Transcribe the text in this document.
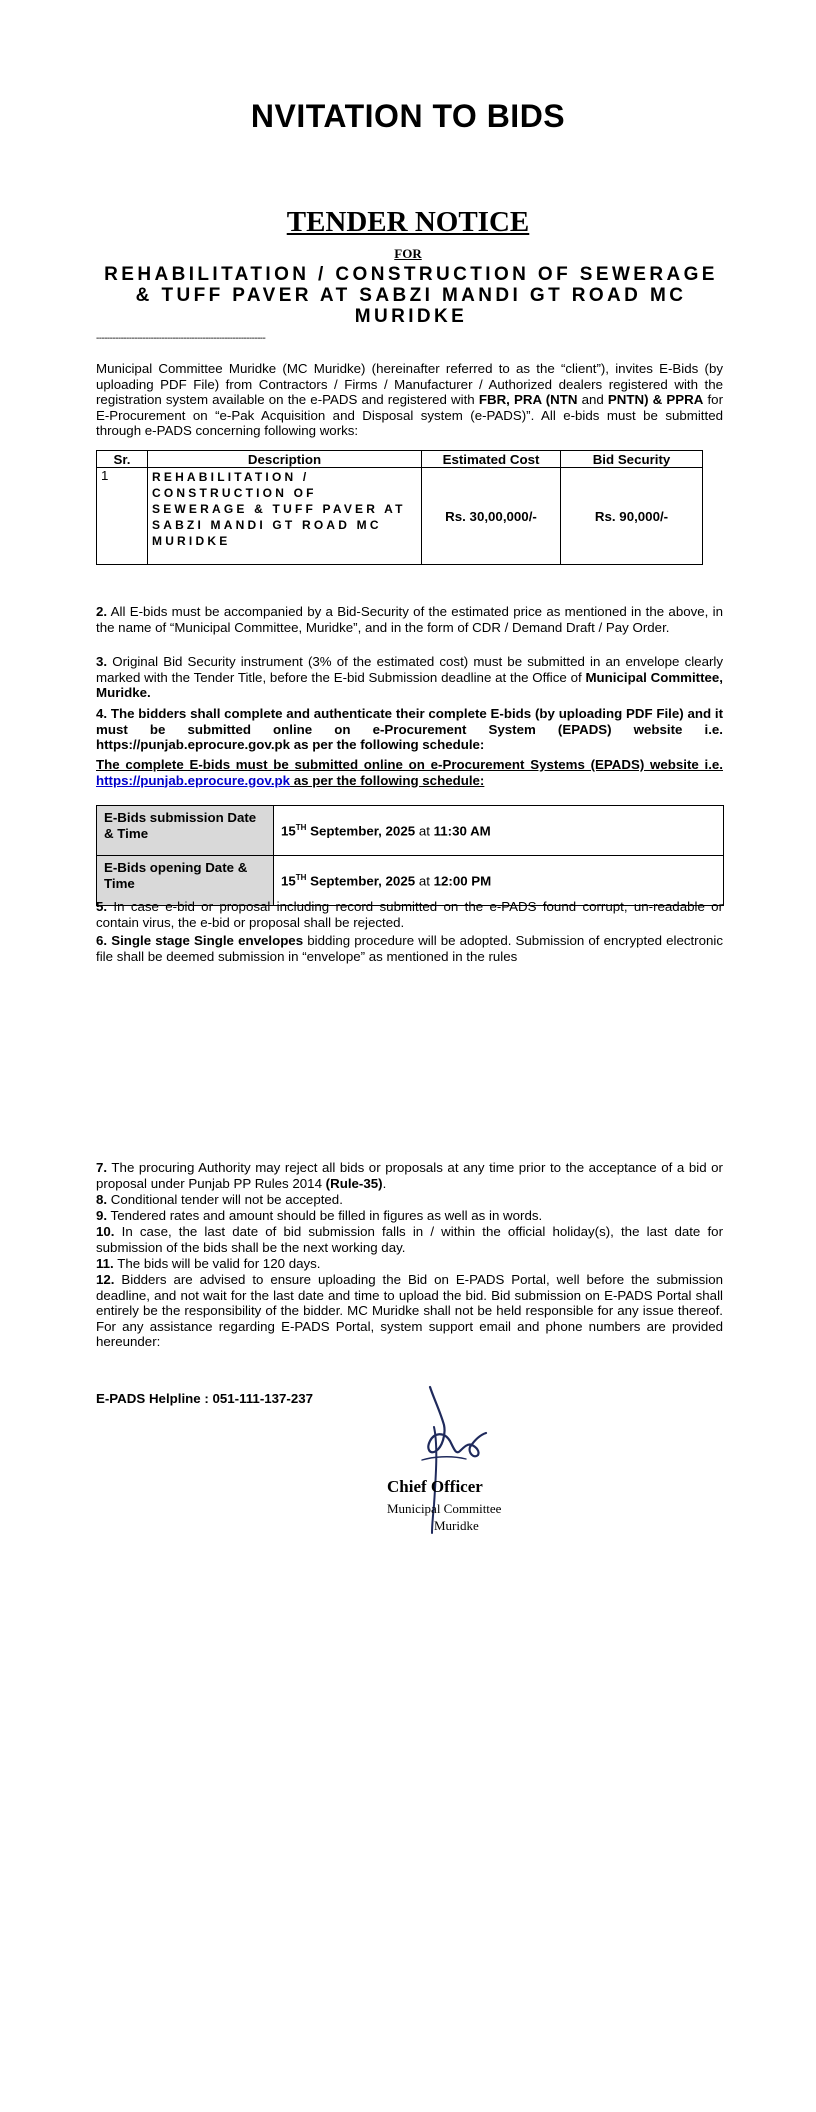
NVITATION TO BIDS
TENDER NOTICE
FOR
REHABILITATION / CONSTRUCTION OF SEWERAGE & TUFF PAVER AT SABZI MANDI GT ROAD MC MURIDKE
--------------------------------------------------------------
Municipal Committee Muridke (MC Muridke) (hereinafter referred to as the “client”), invites E-Bids (by uploading PDF File) from Contractors / Firms / Manufacturer / Authorized dealers registered with the registration system available on the e-PADS and registered with FBR, PRA (NTN and PNTN) & PPRA for E-Procurement on “e-Pak Acquisition and Disposal system (e-PADS)”. All e-bids must be submitted through e-PADS concerning following works:
Sr.	Description	Estimated Cost	Bid Security
1	REHABILITATION / CONSTRUCTION OF SEWERAGE & TUFF PAVER AT SABZI MANDI GT ROAD MC MURIDKE	Rs. 30,00,000/-	Rs. 90,000/-
2. All E-bids must be accompanied by a Bid-Security of the estimated price as mentioned in the above, in the name of “Municipal Committee, Muridke”, and in the form of CDR / Demand Draft / Pay Order.
3. Original Bid Security instrument (3% of the estimated cost) must be submitted in an envelope clearly marked with the Tender Title, before the E-bid Submission deadline at the Office of Municipal Committee, Muridke.
4. The bidders shall complete and authenticate their complete E-bids (by uploading PDF File) and it must be submitted online on e-Procurement System (EPADS) website i.e. https://punjab.eprocure.gov.pk as per the following schedule:
The complete E-bids must be submitted online on e-Procurement Systems (EPADS) website i.e. https://punjab.eprocure.gov.pk as per the following schedule:
E-Bids submission Date & Time	15TH September, 2025 at 11:30 AM
E-Bids opening Date & Time	15TH September, 2025 at 12:00 PM
5. In case e-bid or proposal including record submitted on the e-PADS found corrupt, un-readable or contain virus, the e-bid or proposal shall be rejected.
6. Single stage Single envelopes bidding procedure will be adopted. Submission of encrypted electronic file shall be deemed submission in “envelope” as mentioned in the rules
7. The procuring Authority may reject all bids or proposals at any time prior to the acceptance of a bid or proposal under Punjab PP Rules 2014 (Rule-35).
8. Conditional tender will not be accepted.
9. Tendered rates and amount should be filled in figures as well as in words.
10. In case, the last date of bid submission falls in / within the official holiday(s), the last date for submission of the bids shall be the next working day.
11. The bids will be valid for 120 days.
12. Bidders are advised to ensure uploading the Bid on E-PADS Portal, well before the submission deadline, and not wait for the last date and time to upload the bid. Bid submission on E-PADS Portal shall entirely be the responsibility of the bidder. MC Muridke shall not be held responsible for any issue thereof. For any assistance regarding E-PADS Portal, system support email and phone numbers are provided hereunder:
E-PADS Helpline : 051-111-137-237
Chief Officer
Municipal Committee
Muridke
